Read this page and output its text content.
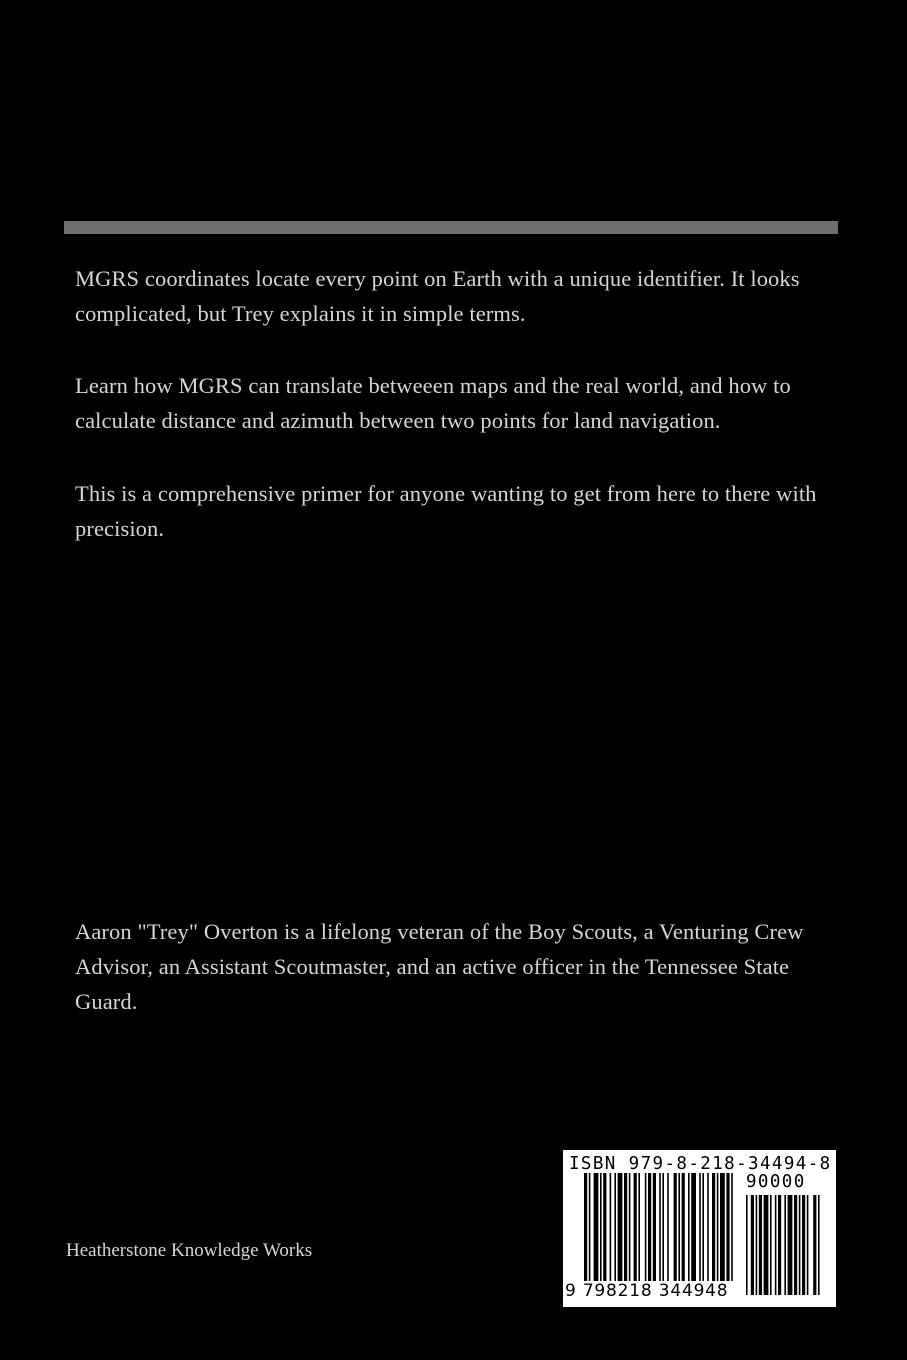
MGRS coordinates locate every point on Earth with a unique identifier. It looks complicated, but Trey explains it in simple terms.

Learn how MGRS can translate betweeen maps and the real world, and how to calculate distance and azimuth between two points for land navigation.

This is a comprehensive primer for anyone wanting to get from here to there with precision.

Aaron "Trey" Overton is a lifelong veteran of the Boy Scouts, a Venturing Crew Advisor, an Assistant Scoutmaster, and an active officer in the Tennessee State Guard.

Heatherstone Knowledge Works

ISBN 979-8-218-34494-8
90000
9 798218 344948
